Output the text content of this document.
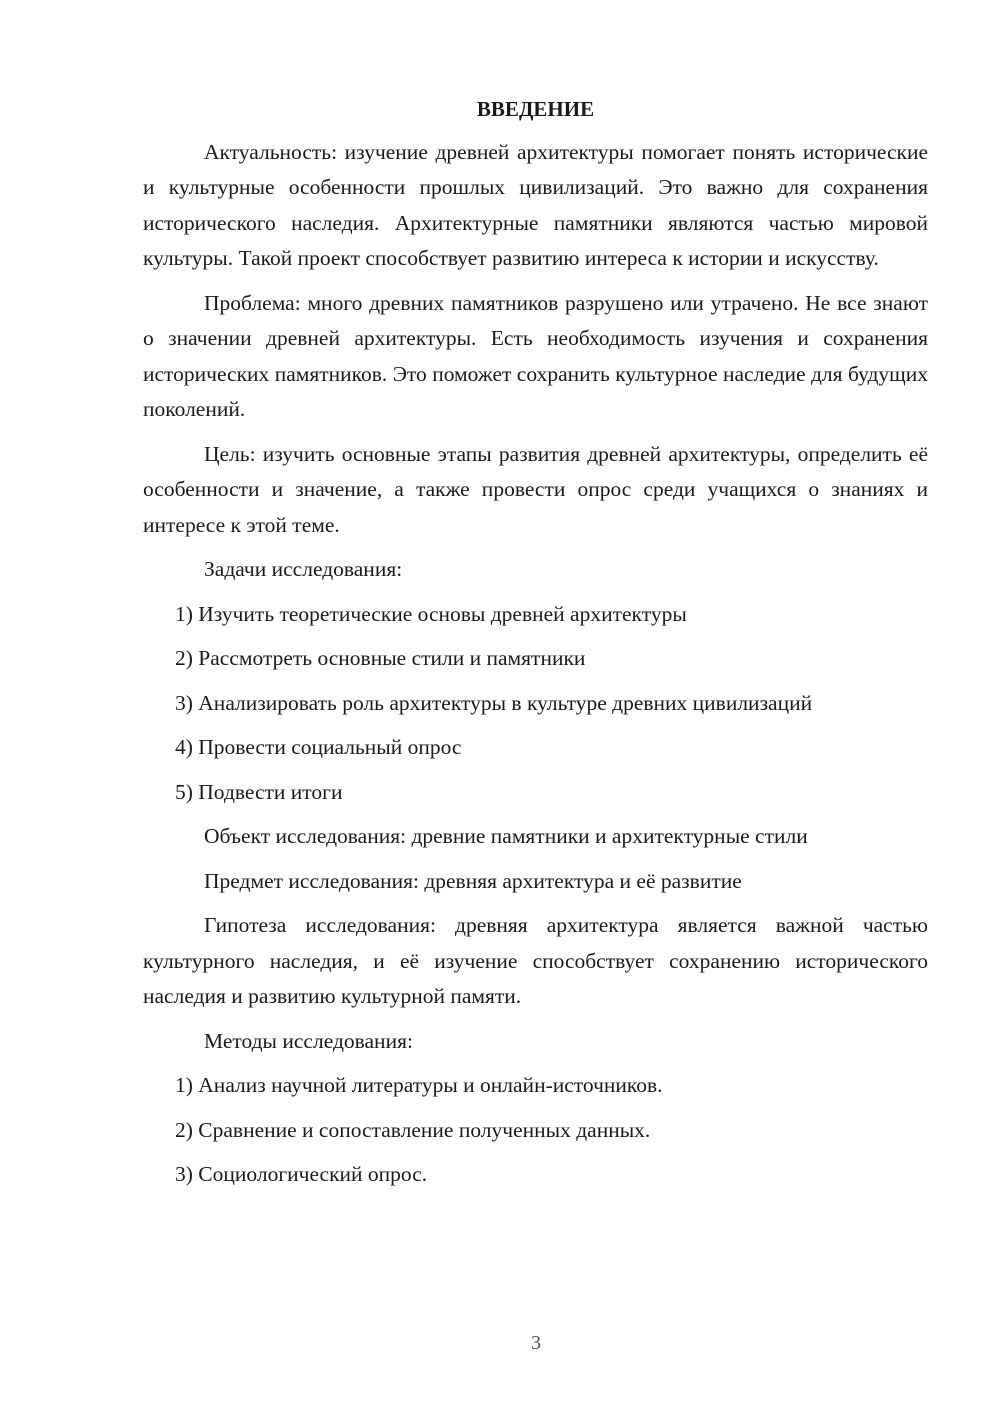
ВВЕДЕНИЕ

Актуальность: изучение древней архитектуры помогает понять исторические и культурные особенности прошлых цивилизаций. Это важно для сохранения исторического наследия. Архитектурные памятники являются частью мировой культуры. Такой проект способствует развитию интереса к истории и искусству.

Проблема: много древних памятников разрушено или утрачено. Не все знают о значении древней архитектуры. Есть необходимость изучения и сохранения исторических памятников. Это поможет сохранить культурное наследие для будущих поколений.

Цель: изучить основные этапы развития древней архитектуры, определить её особенности и значение, а также провести опрос среди учащихся о знаниях и интересе к этой теме.

Задачи исследования:

1) Изучить теоретические основы древней архитектуры

2) Рассмотреть основные стили и памятники

3) Анализировать роль архитектуры в культуре древних цивилизаций

4) Провести социальный опрос

5) Подвести итоги

Объект исследования: древние памятники и архитектурные стили

Предмет исследования: древняя архитектура и её развитие

Гипотеза исследования: древняя архитектура является важной частью культурного наследия, и её изучение способствует сохранению исторического наследия и развитию культурной памяти.

Методы исследования:

1) Анализ научной литературы и онлайн-источников.

2) Сравнение и сопоставление полученных данных.

3) Социологический опрос.

3
